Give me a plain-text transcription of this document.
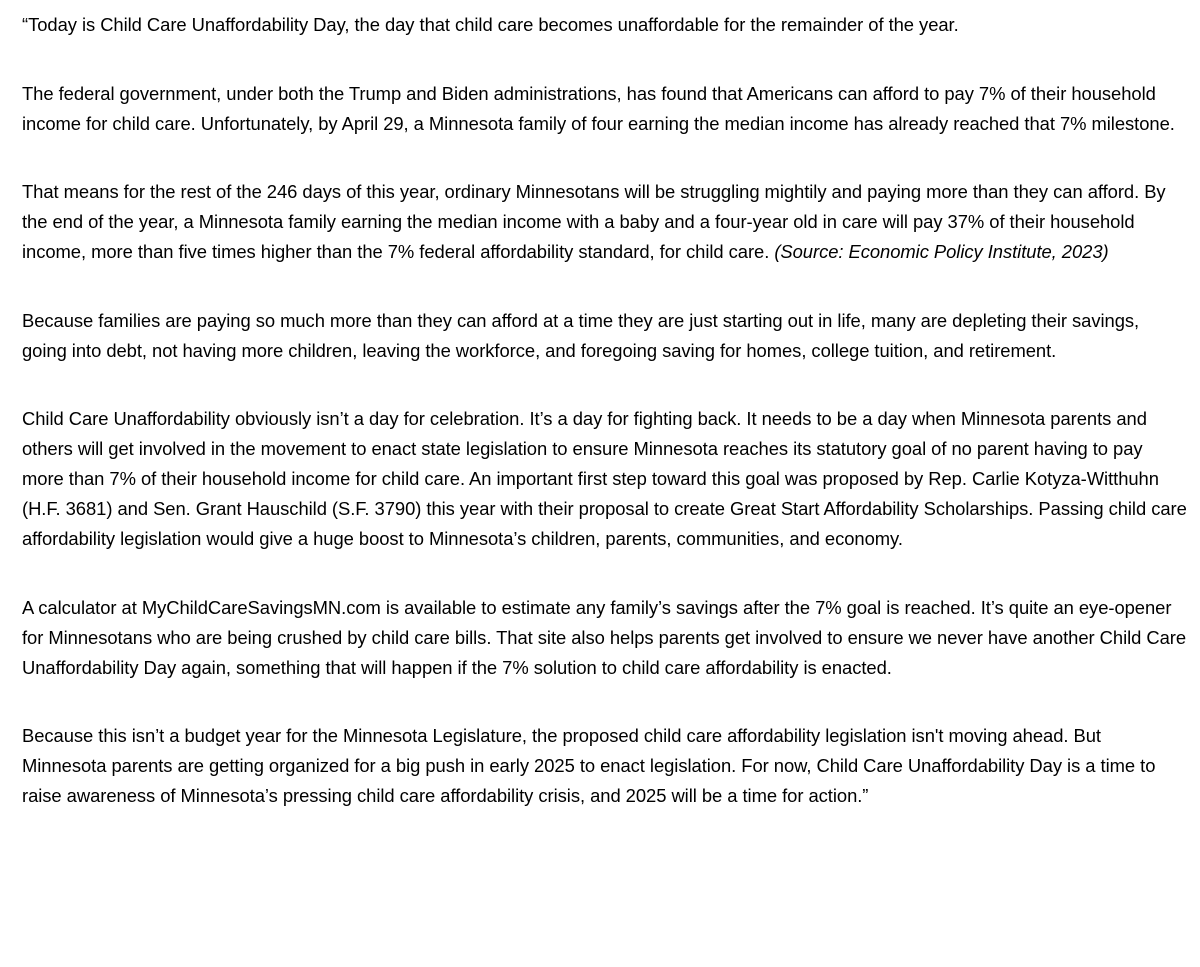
“Today is Child Care Unaffordability Day, the day that child care becomes unaffordable for the remainder of the year.

The federal government, under both the Trump and Biden administrations, has found that Americans can afford to pay 7% of their household income for child care. Unfortunately, by April 29, a Minnesota family of four earning the median income has already reached that 7% milestone.

That means for the rest of the 246 days of this year, ordinary Minnesotans will be struggling mightily and paying more than they can afford. By the end of the year, a Minnesota family earning the median income with a baby and a four-year old in care will pay 37% of their household income, more than five times higher than the 7% federal affordability standard, for child care. (Source: Economic Policy Institute, 2023)

Because families are paying so much more than they can afford at a time they are just starting out in life, many are depleting their savings, going into debt, not having more children, leaving the workforce, and foregoing saving for homes, college tuition, and retirement.

Child Care Unaffordability obviously isn’t a day for celebration. It’s a day for fighting back. It needs to be a day when Minnesota parents and others will get involved in the movement to enact state legislation to ensure Minnesota reaches its statutory goal of no parent having to pay more than 7% of their household income for child care. An important first step toward this goal was proposed by Rep. Carlie Kotyza-Witthuhn (H.F. 3681) and Sen. Grant Hauschild (S.F. 3790) this year with their proposal to create Great Start Affordability Scholarships. Passing child care affordability legislation would give a huge boost to Minnesota’s children, parents, communities, and economy.

A calculator at MyChildCareSavingsMN.com is available to estimate any family’s savings after the 7% goal is reached. It’s quite an eye-opener for Minnesotans who are being crushed by child care bills. That site also helps parents get involved to ensure we never have another Child Care Unaffordability Day again, something that will happen if the 7% solution to child care affordability is enacted.

Because this isn’t a budget year for the Minnesota Legislature, the proposed child care affordability legislation isn't moving ahead. But Minnesota parents are getting organized for a big push in early 2025 to enact legislation. For now, Child Care Unaffordability Day is a time to raise awareness of Minnesota’s pressing child care affordability crisis, and 2025 will be a time for action.”
